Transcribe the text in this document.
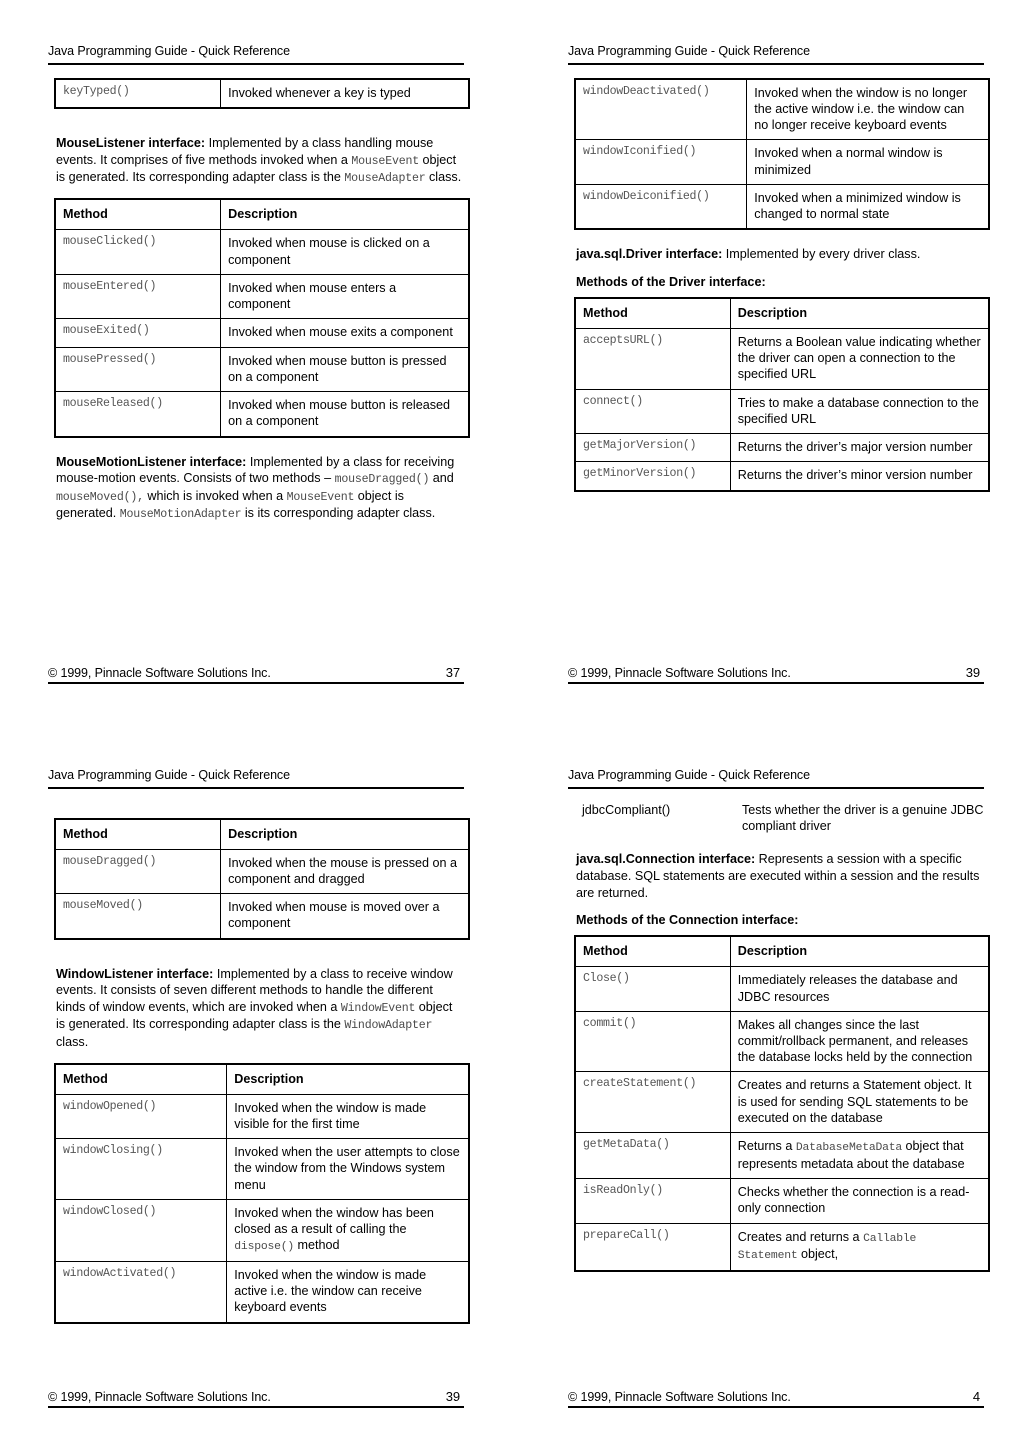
Java Programming Guide - Quick Reference
keyTyped()	Invoked whenever a key is typed

MouseListener interface: Implemented by a class handling mouse events. It comprises of five methods invoked when a MouseEvent object is generated. Its corresponding adapter class is the MouseAdapter class.

Method	Description
mouseClicked()	Invoked when mouse is clicked on a component
mouseEntered()	Invoked when mouse enters a component
mouseExited()	Invoked when mouse exits a component
mousePressed()	Invoked when mouse button is pressed on a component
mouseReleased()	Invoked when mouse button is released on a component

MouseMotionListener interface: Implemented by a class for receiving mouse-motion events. Consists of two methods – mouseDragged() and mouseMoved(), which is invoked when a MouseEvent object is generated. MouseMotionAdapter is its corresponding adapter class.

© 1999, Pinnacle Software Solutions Inc.	37
Java Programming Guide - Quick Reference
windowDeactivated()	Invoked when the window is no longer the active window i.e. the window can no longer receive keyboard events
windowIconified()	Invoked when a normal window is minimized
windowDeiconified()	Invoked when a minimized window is changed to normal state

java.sql.Driver interface: Implemented by every driver class.

Methods of the Driver interface:
Method	Description
acceptsURL()	Returns a Boolean value indicating whether the driver can open a connection to the specified URL
connect()	Tries to make a database connection to the specified URL
getMajorVersion()	Returns the driver’s major version number
getMinorVersion()	Returns the driver’s minor version number
© 1999, Pinnacle Software Solutions Inc.	39
Java Programming Guide - Quick Reference
Method	Description
mouseDragged()	Invoked when the mouse is pressed on a component and dragged
mouseMoved()	Invoked when mouse is moved over a component

WindowListener interface: Implemented by a class to receive window events. It consists of seven different methods to handle the different kinds of window events, which are invoked when a WindowEvent object is generated. Its corresponding adapter class is the WindowAdapter class.

Method	Description
windowOpened()	Invoked when the window is made visible for the first time
windowClosing()	Invoked when the user attempts to close the window from the Windows system menu
windowClosed()	Invoked when the window has been closed as a result of calling the dispose() method
windowActivated()	Invoked when the window is made active i.e. the window can receive keyboard events
© 1999, Pinnacle Software Solutions Inc.	39
Java Programming Guide - Quick Reference
jdbcCompliant()	Tests whether the driver is a genuine JDBC compliant driver

java.sql.Connection interface: Represents a session with a specific database. SQL statements are executed within a session and the results are returned.

Methods of the Connection interface:
Method	Description
Close()	Immediately releases the database and JDBC resources
commit()	Makes all changes since the last commit/rollback permanent, and releases the database locks held by the connection
createStatement()	Creates and returns a Statement object. It is used for sending SQL statements to be executed on the database
getMetaData()	Returns a DatabaseMetaData object that represents metadata about the database
isReadOnly()	Checks whether the connection is a read-only connection
prepareCall()	Creates and returns a Callable Statement object,
© 1999, Pinnacle Software Solutions Inc.	4
